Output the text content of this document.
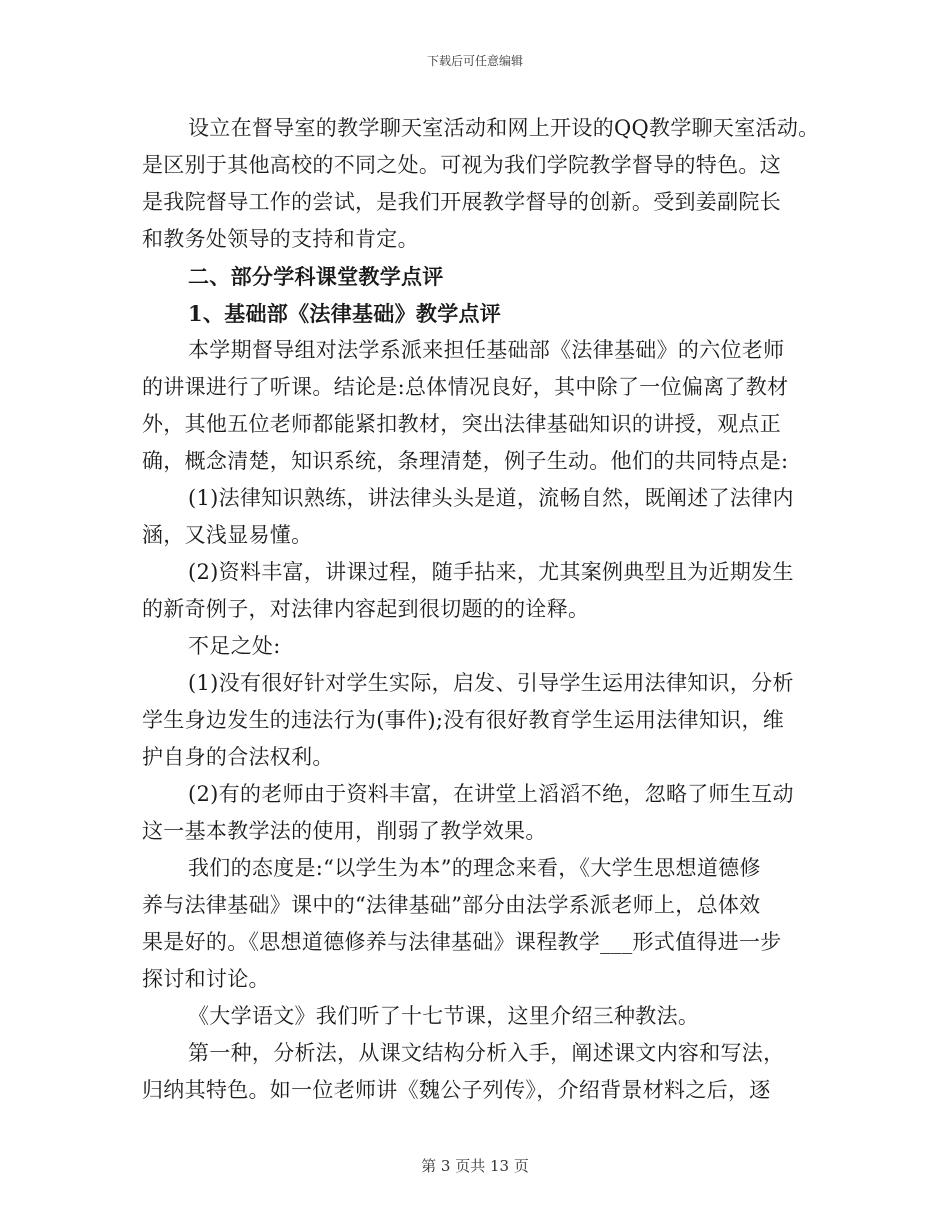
下载后可任意编辑
设立在督导室的教学聊天室活动和网上开设的QQ教学聊天室活动。
是区别于其他高校的不同之处。可视为我们学院教学督导的特色。这
是我院督导工作的尝试，是我们开展教学督导的创新。受到姜副院长
和教务处领导的支持和肯定。
二、部分学科课堂教学点评
1、基础部《法律基础》教学点评
本学期督导组对法学系派来担任基础部《法律基础》的六位老师
的讲课进行了听课。结论是:总体情况良好，其中除了一位偏离了教材
外，其他五位老师都能紧扣教材，突出法律基础知识的讲授，观点正
确，概念清楚，知识系统，条理清楚，例子生动。他们的共同特点是:
(1)法律知识熟练，讲法律头头是道，流畅自然，既阐述了法律内
涵，又浅显易懂。
(2)资料丰富，讲课过程，随手拈来，尤其案例典型且为近期发生
的新奇例子，对法律内容起到很切题的的诠释。
不足之处:
(1)没有很好针对学生实际，启发、引导学生运用法律知识，分析
学生身边发生的违法行为(事件);没有很好教育学生运用法律知识，维
护自身的合法权利。
(2)有的老师由于资料丰富，在讲堂上滔滔不绝，忽略了师生互动
这一基本教学法的使用，削弱了教学效果。
我们的态度是:“以学生为本”的理念来看，《大学生思想道德修
养与法律基础》课中的“法律基础”部分由法学系派老师上，总体效
果是好的。《思想道德修养与法律基础》课程教学___形式值得进一步
探讨和讨论。
《大学语文》我们听了十七节课，这里介绍三种教法。
第一种，分析法，从课文结构分析入手，阐述课文内容和写法，
归纳其特色。如一位老师讲《魏公子列传》，介绍背景材料之后，逐
第 3 页共 13 页
